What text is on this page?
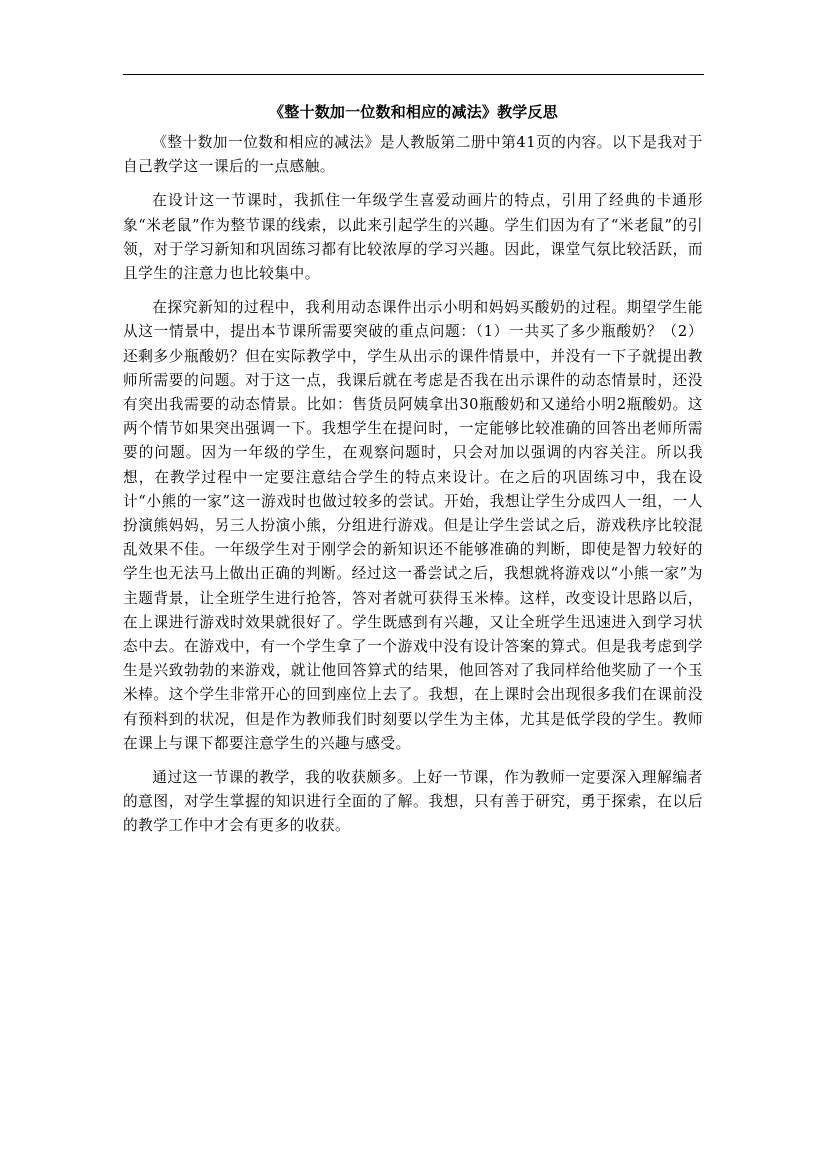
《整十数加一位数和相应的减法》教学反思

《整十数加一位数和相应的减法》是人教版第二册中第41页的内容。以下是我对于自己教学这一课后的一点感触。

在设计这一节课时，我抓住一年级学生喜爱动画片的特点，引用了经典的卡通形象“米老鼠”作为整节课的线索，以此来引起学生的兴趣。学生们因为有了“米老鼠”的引领，对于学习新知和巩固练习都有比较浓厚的学习兴趣。因此，课堂气氛比较活跃，而且学生的注意力也比较集中。

在探究新知的过程中，我利用动态课件出示小明和妈妈买酸奶的过程。期望学生能从这一情景中，提出本节课所需要突破的重点问题：（1）一共买了多少瓶酸奶？（2）还剩多少瓶酸奶？但在实际教学中，学生从出示的课件情景中，并没有一下子就提出教师所需要的问题。对于这一点，我课后就在考虑是否我在出示课件的动态情景时，还没有突出我需要的动态情景。比如：售货员阿姨拿出30瓶酸奶和又递给小明2瓶酸奶。这两个情节如果突出强调一下。我想学生在提问时，一定能够比较准确的回答出老师所需要的问题。因为一年级的学生，在观察问题时，只会对加以强调的内容关注。所以我想，在教学过程中一定要注意结合学生的特点来设计。在之后的巩固练习中，我在设计“小熊的一家”这一游戏时也做过较多的尝试。开始，我想让学生分成四人一组，一人扮演熊妈妈，另三人扮演小熊，分组进行游戏。但是让学生尝试之后，游戏秩序比较混乱效果不佳。一年级学生对于刚学会的新知识还不能够准确的判断，即使是智力较好的学生也无法马上做出正确的判断。经过这一番尝试之后，我想就将游戏以“小熊一家”为主题背景，让全班学生进行抢答，答对者就可获得玉米棒。这样，改变设计思路以后，在上课进行游戏时效果就很好了。学生既感到有兴趣，又让全班学生迅速进入到学习状态中去。在游戏中，有一个学生拿了一个游戏中没有设计答案的算式。但是我考虑到学生是兴致勃勃的来游戏，就让他回答算式的结果，他回答对了我同样给他奖励了一个玉米棒。这个学生非常开心的回到座位上去了。我想，在上课时会出现很多我们在课前没有预料到的状况，但是作为教师我们时刻要以学生为主体，尤其是低学段的学生。教师在课上与课下都要注意学生的兴趣与感受。

通过这一节课的教学，我的收获颇多。上好一节课，作为教师一定要深入理解编者的意图，对学生掌握的知识进行全面的了解。我想，只有善于研究，勇于探索，在以后的教学工作中才会有更多的收获。
